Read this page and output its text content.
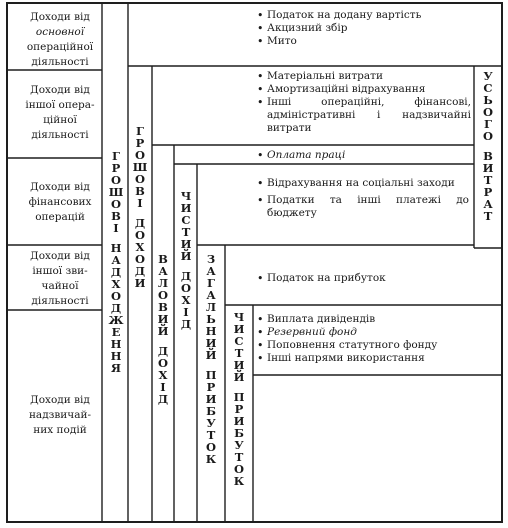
Доходи від
основної
операційної
діяльності
Доходи від
іншої опера-
ційної
діяльності
Доходи від
фінансових
операцій
Доходи від
іншої зви-
чайної
діяльності
Доходи від
надзвичай-
них подій
Г
Р
О
Ш
О
В
І
Н
А
Д
Х
О
Д
Ж
Е
Н
Н
Я
Г
Р
О
Ш
О
В
І
Д
О
Х
О
Д
И
В
А
Л
О
В
И
Й
Д
О
Х
І
Д
Ч
И
С
Т
И
Й
Д
О
Х
І
Д
З
А
Г
А
Л
Ь
Н
И
Й
П
Р
И
Б
У
Т
О
К
Ч
И
С
Т
И
Й
П
Р
И
Б
У
Т
О
К
У
С
Ь
О
Г
О
В
И
Т
Р
А
Т
• Податок на додану вартість
• Акцизний збір
• Мито
• Матеріальні витрати
• Амортизаційні відрахування
• Інші операційні, фінансові, адміністративні і надзвичайні витрати
• Оплата праці
• Відрахування на соціальні заходи
• Податки та інші платежі до бюджету
• Податок на прибуток
• Виплата дивідендів
• Резервний фонд
• Поповнення статутного фонду
• Інші напрями використання
